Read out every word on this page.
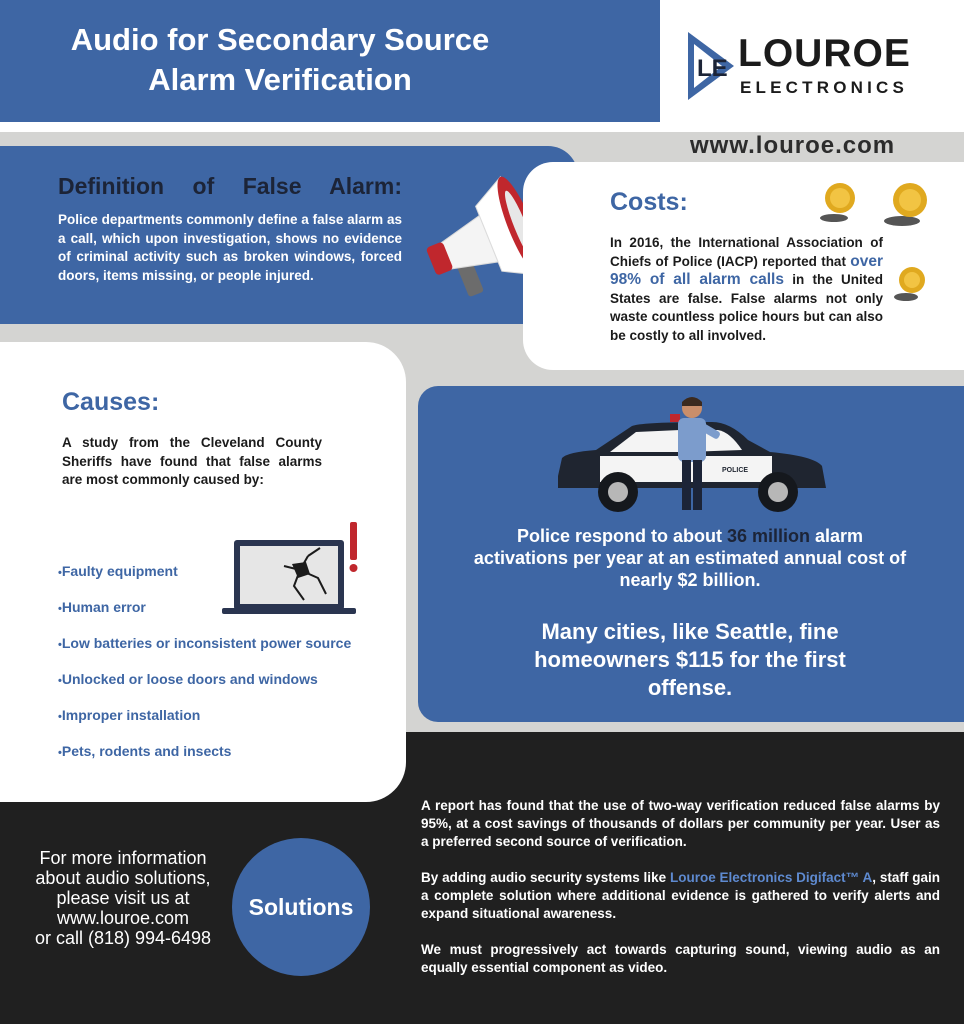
Audio for Secondary Source
Alarm Verification	LE LOUROE
ELECTRONICS
www.louroe.com
Definition of False Alarm:
Police departments commonly define a false alarm as a call, which upon investigation, shows no evidence of criminal activity such as broken windows, forced doors, items missing, or people injured.
Costs:
In 2016, the International Association of Chiefs of Police (IACP) reported that over 98% of all alarm calls in the United States are false. False alarms not only waste countless police hours but can also be costly to all involved.
Causes:
A study from the Cleveland County Sheriffs have found that false alarms are most commonly caused by:
• Faulty equipment
• Human error
• Low batteries or inconsistent power source
• Unlocked or loose doors and windows
• Improper installation
• Pets, rodents and insects
POLICE
Police respond to about 36 million alarm activations per year at an estimated annual cost of nearly $2 billion.
Many cities, like Seattle, fine homeowners $115 for the first offense.
For more information
about audio solutions,
please visit us at
www.louroe.com
or call (818) 994-6498
Solutions

A report has found that the use of two-way verification reduced false alarms by 95%, at a cost savings of thousands of dollars per community per year. User as a preferred second source of verification.

By adding audio security systems like Louroe Electronics Digifact™ A, staff gain a complete solution where additional evidence is gathered to verify alerts and expand situational awareness.

We must progressively act towards capturing sound, viewing audio as an equally essential component as video.
